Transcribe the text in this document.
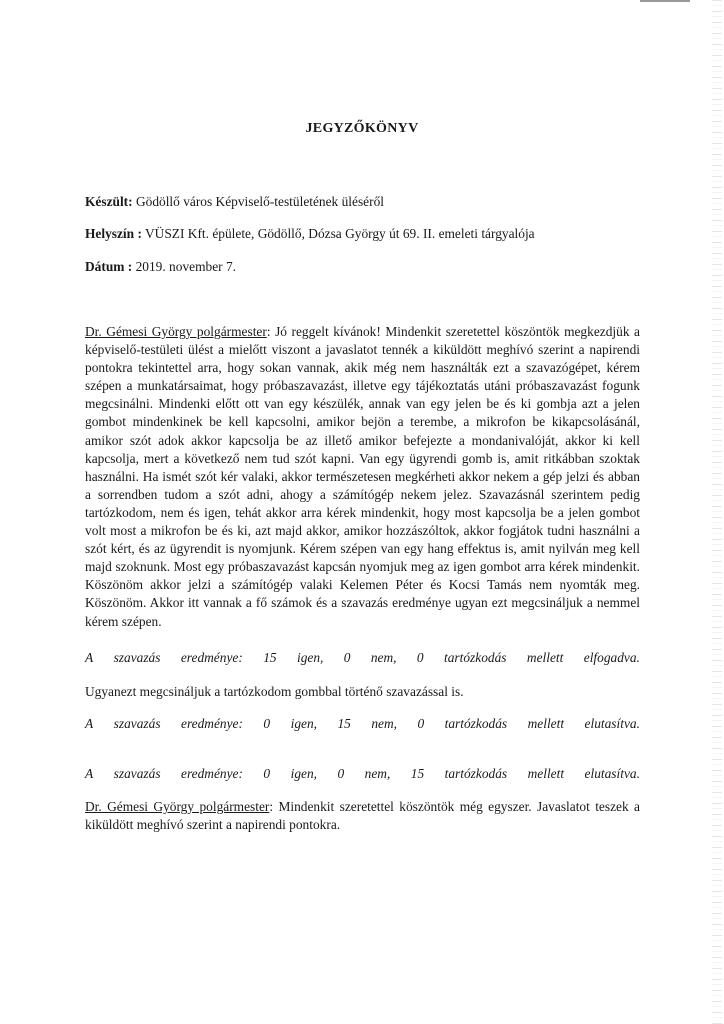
JEGYZŐKÖNYV
Készült: Gödöllő város Képviselő-testületének üléséről
Helyszín : VÜSZI Kft. épülete, Gödöllő, Dózsa György út 69. II. emeleti tárgyalója
Dátum : 2019. november 7.
Dr. Gémesi György polgármester: Jó reggelt kívánok! Mindenkit szeretettel köszöntök megkezdjük a képviselő-testületi ülést a mielőtt viszont a javaslatot tennék a kiküldött meghívó szerint a napirendi pontokra tekintettel arra, hogy sokan vannak, akik még nem használták ezt a szavazógépet, kérem szépen a munkatársaimat, hogy próbaszavazást, illetve egy tájékoztatás utáni próbaszavazást fogunk megcsinálni. Mindenki előtt ott van egy készülék, annak van egy jelen be és ki gombja azt a jelen gombot mindenkinek be kell kapcsolni, amikor bejön a terembe, a mikrofon be kikapcsolásánál, amikor szót adok akkor kapcsolja be az illető amikor befejezte a mondanivalóját, akkor ki kell kapcsolja, mert a következő nem tud szót kapni. Van egy ügyrendi gomb is, amit ritkábban szoktak használni. Ha ismét szót kér valaki, akkor természetesen megkérheti akkor nekem a gép jelzi és abban a sorrendben tudom a szót adni, ahogy a számítógép nekem jelez. Szavazásnál szerintem pedig tartózkodom, nem és igen, tehát akkor arra kérek mindenkit, hogy most kapcsolja be a jelen gombot volt most a mikrofon be és ki, azt majd akkor, amikor hozzászóltok, akkor fogjátok tudni használni a szót kért, és az ügyrendit is nyomjunk. Kérem szépen van egy hang effektus is, amit nyilván meg kell majd szoknunk. Most egy próbaszavazást kapcsán nyomjuk meg az igen gombot arra kérek mindenkit. Köszönöm akkor jelzi a számítógép valaki Kelemen Péter és Kocsi Tamás nem nyomták meg. Köszönöm. Akkor itt vannak a fő számok és a szavazás eredménye ugyan ezt megcsináljuk a nemmel kérem szépen.
A szavazás eredménye: 15 igen, 0 nem, 0 tartózkodás mellett elfogadva.
Ugyanezt megcsináljuk a tartózkodom gombbal történő szavazással is.
A szavazás eredménye: 0 igen, 15 nem, 0 tartózkodás mellett elutasítva.
A szavazás eredménye: 0 igen, 0 nem, 15 tartózkodás mellett elutasítva.
Dr. Gémesi György polgármester: Mindenkit szeretettel köszöntök még egyszer. Javaslatot teszek a kiküldött meghívó szerint a napirendi pontokra.
